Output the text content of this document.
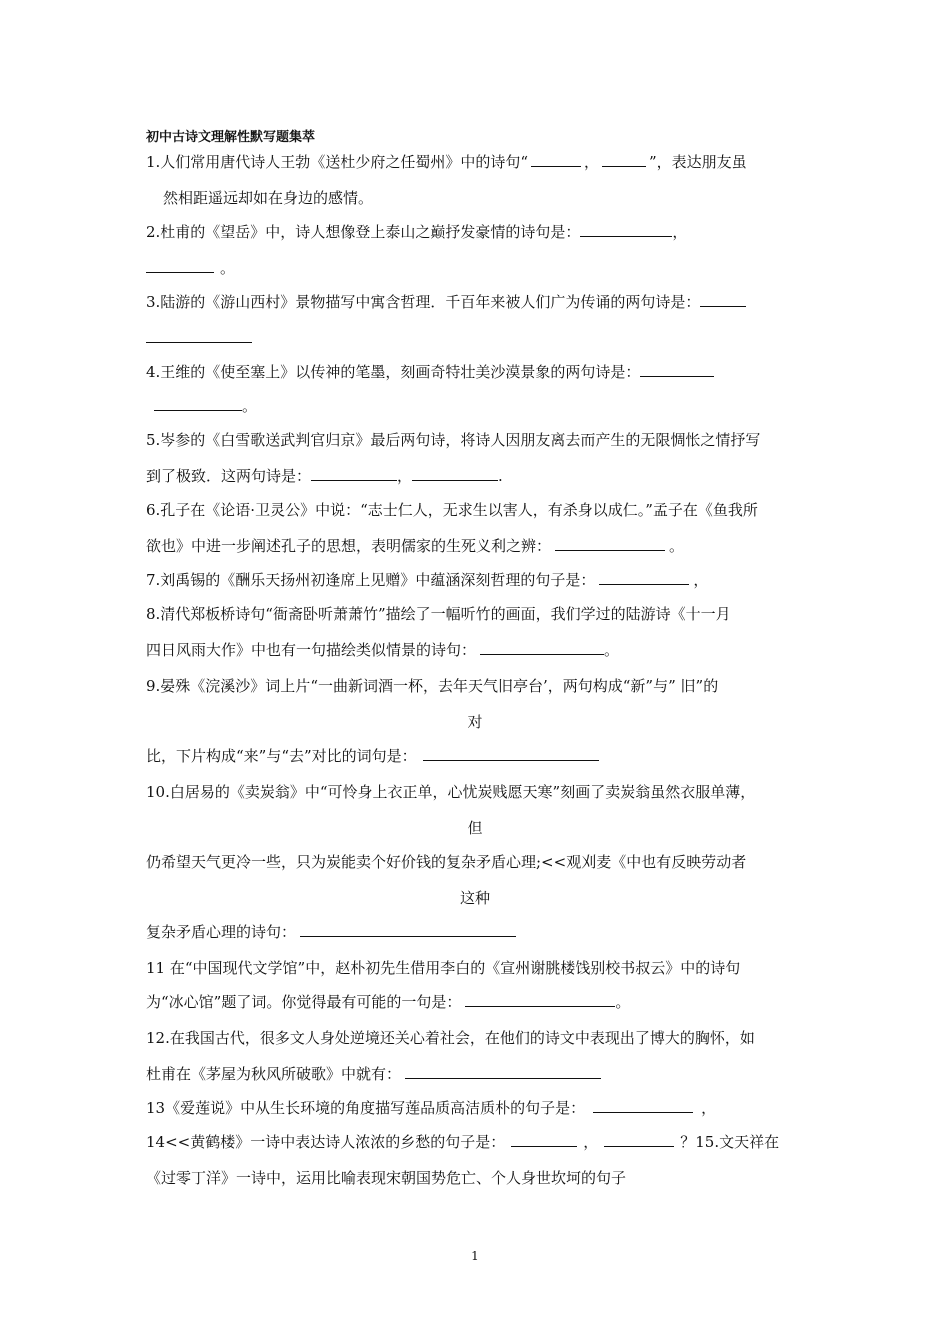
初中古诗文理解性默写题集萃
1.人们常用唐代诗人王勃《送杜少府之任蜀州》中的诗句“	，	”，表达朋友虽
然相距遥远却如在身边的感情。
2.杜甫的《望岳》中，诗人想像登上泰山之巅抒发豪情的诗句是：	，
。
3.陆游的《游山西村》景物描写中寓含哲理．千百年来被人们广为传诵的两句诗是：
4.王维的《使至塞上》以传神的笔墨，刻画奇特壮美沙漠景象的两句诗是：
。
5.岑参的《白雪歌送武判官归京》最后两句诗，将诗人因朋友离去而产生的无限惆怅之情抒写
到了极致．这两句诗是：	，	.
6.孔子在《论语·卫灵公》中说：“志士仁人，无求生以害人，有杀身以成仁。”孟子在《鱼我所
欲也》中进一步阐述孔子的思想，表明儒家的生死义利之辨：	。
7.刘禹锡的《酬乐天扬州初逢席上见赠》中蕴涵深刻哲理的句子是：	，
8.清代郑板桥诗句“衙斋卧听萧萧竹”描绘了一幅听竹的画面，我们学过的陆游诗《十一月
四日风雨大作》中也有一句描绘类似情景的诗句：	。
9.晏殊《浣溪沙》词上片“一曲新词酒一杯，去年天气旧亭台’，两句构成“新”与” 旧”的
对
比，下片构成“来”与“去”对比的词句是：
10.白居易的《卖炭翁》中“可怜身上衣正单，心忧炭贱愿天寒”刻画了卖炭翁虽然衣服单薄，
但
仍希望天气更冷一些，只为炭能卖个好价钱的复杂矛盾心理;<<观刈麦《中也有反映劳动者
这种
复杂矛盾心理的诗句：
11 在“中国现代文学馆”中，赵朴初先生借用李白的《宣州谢朓楼饯别校书叔云》中的诗句
为“冰心馆”题了词。你觉得最有可能的一句是：	。
12.在我国古代，很多文人身处逆境还关心着社会，在他们的诗文中表现出了博大的胸怀，如
杜甫在《茅屋为秋风所破歌》中就有：
13《爱莲说》中从生长环境的角度描写莲品质高洁质朴的句子是：	，
14<<黄鹤楼》一诗中表达诗人浓浓的乡愁的句子是：	，	？15.文天祥在
《过零丁洋》一诗中，运用比喻表现宋朝国势危亡、个人身世坎坷的句子
1
